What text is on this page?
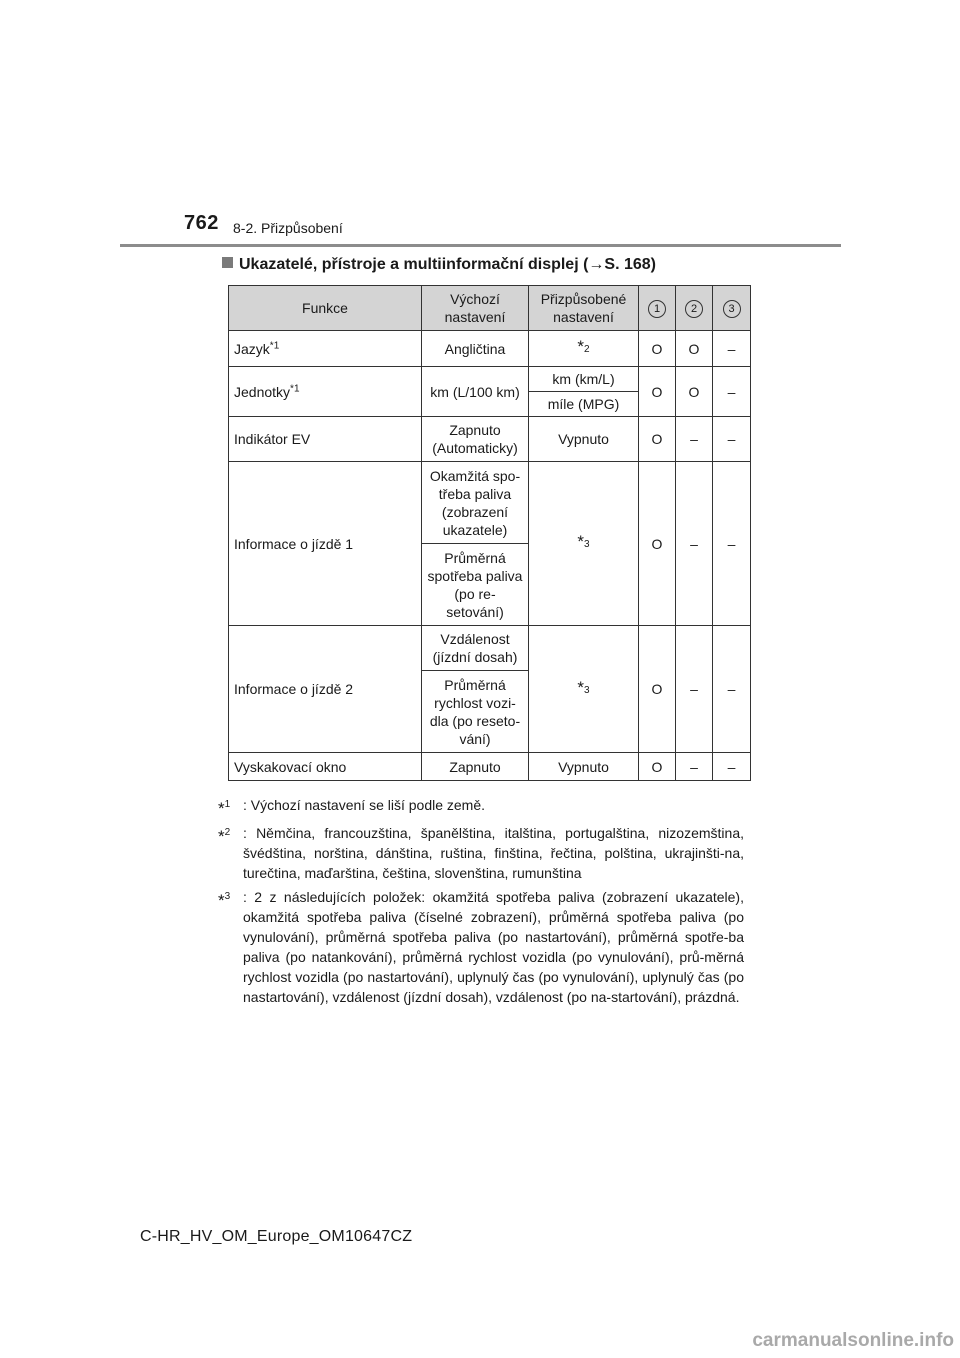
762 8-2. Přizpůsobení
Ukazatelé, přístroje a multiinformační displej (→S. 168)
Funkce	Výchozí nastavení	Přizpůsobené nastavení	1	2	3
Jazyk$^{*1}$	Angličtina	*2	O	O	–
Jednotky$^{*1}$	km (L/100 km)	km (km/L)	O	O	–
		míle (MPG)			
Indikátor EV	Zapnuto (Automaticky)	Vypnuto	O	–	–
Informace o jízdě 1	Okamžitá spo-třeba paliva (zobrazení ukazatele)	*3	O	–	–
	Průměrná spotřeba paliva (po re-setování)				
Informace o jízdě 2	Vzdálenost (jízdní dosah)	*3	O	–	–
	Průměrná rychlost vozi-dla (po reseto-vání)				
Vyskakovací okno	Zapnuto	Vypnuto	O	–	–
*$^1$ : Výchozí nastavení se liší podle země.
*$^2$ : Němčina, francouzština, španělština, italština, portugalština, nizozemština, švédština, norština, dánština, ruština, finština, řečtina, polština, ukrajinšti-na, turečtina, maďarština, čeština, slovenština, rumunština
*$^3$ : 2 z následujících položek: okamžitá spotřeba paliva (zobrazení ukazatele), okamžitá spotřeba paliva (číselné zobrazení), průměrná spotřeba paliva (po vynulování), průměrná spotřeba paliva (po nastartování), průměrná spotře-ba paliva (po natankování), průměrná rychlost vozidla (po vynulování), prů-měrná rychlost vozidla (po nastartování), uplynulý čas (po vynulování), uplynulý čas (po nastartování), vzdálenost (jízdní dosah), vzdálenost (po na-startování), prázdná.
C-HR_HV_OM_Europe_OM10647CZ
carmanualsonline.info
